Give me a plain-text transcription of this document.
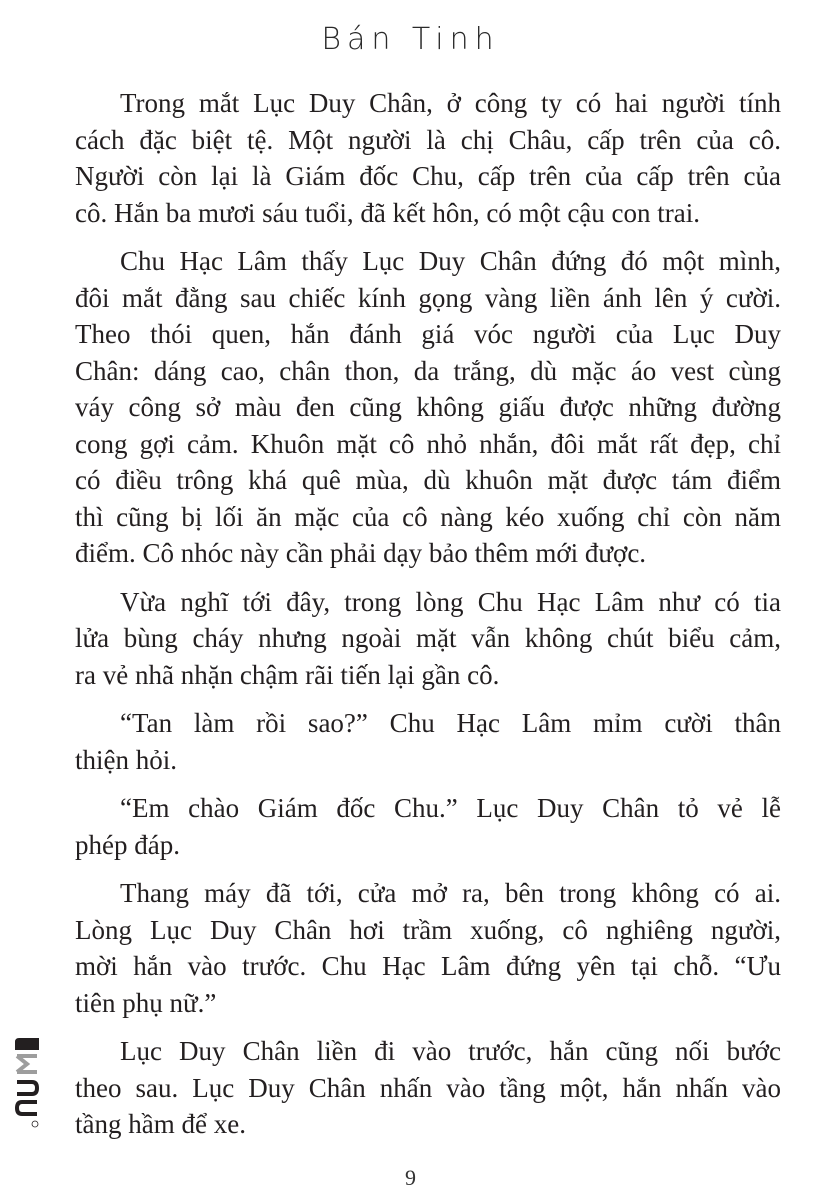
Bán Tinh

Trong mắt Lục Duy Chân, ở công ty có hai người tính
cách đặc biệt tệ. Một người là chị Châu, cấp trên của cô.
Người còn lại là Giám đốc Chu, cấp trên của cấp trên của
cô. Hắn ba mươi sáu tuổi, đã kết hôn, có một cậu con trai.

Chu Hạc Lâm thấy Lục Duy Chân đứng đó một mình,
đôi mắt đằng sau chiếc kính gọng vàng liền ánh lên ý cười.
Theo thói quen, hắn đánh giá vóc người của Lục Duy
Chân: dáng cao, chân thon, da trắng, dù mặc áo vest cùng
váy công sở màu đen cũng không giấu được những đường
cong gợi cảm. Khuôn mặt cô nhỏ nhắn, đôi mắt rất đẹp, chỉ
có điều trông khá quê mùa, dù khuôn mặt được tám điểm
thì cũng bị lối ăn mặc của cô nàng kéo xuống chỉ còn năm
điểm. Cô nhóc này cần phải dạy bảo thêm mới được.

Vừa nghĩ tới đây, trong lòng Chu Hạc Lâm như có tia
lửa bùng cháy nhưng ngoài mặt vẫn không chút biểu cảm,
ra vẻ nhã nhặn chậm rãi tiến lại gần cô.

“Tan làm rồi sao?” Chu Hạc Lâm mỉm cười thân
thiện hỏi.

“Em chào Giám đốc Chu.” Lục Duy Chân tỏ vẻ lễ
phép đáp.

Thang máy đã tới, cửa mở ra, bên trong không có ai.
Lòng Lục Duy Chân hơi trầm xuống, cô nghiêng người,
mời hắn vào trước. Chu Hạc Lâm đứng yên tại chỗ. “Ưu
tiên phụ nữ.”

Lục Duy Chân liền đi vào trước, hắn cũng nối bước
theo sau. Lục Duy Chân nhấn vào tầng một, hắn nhấn vào
tầng hầm để xe.

9
